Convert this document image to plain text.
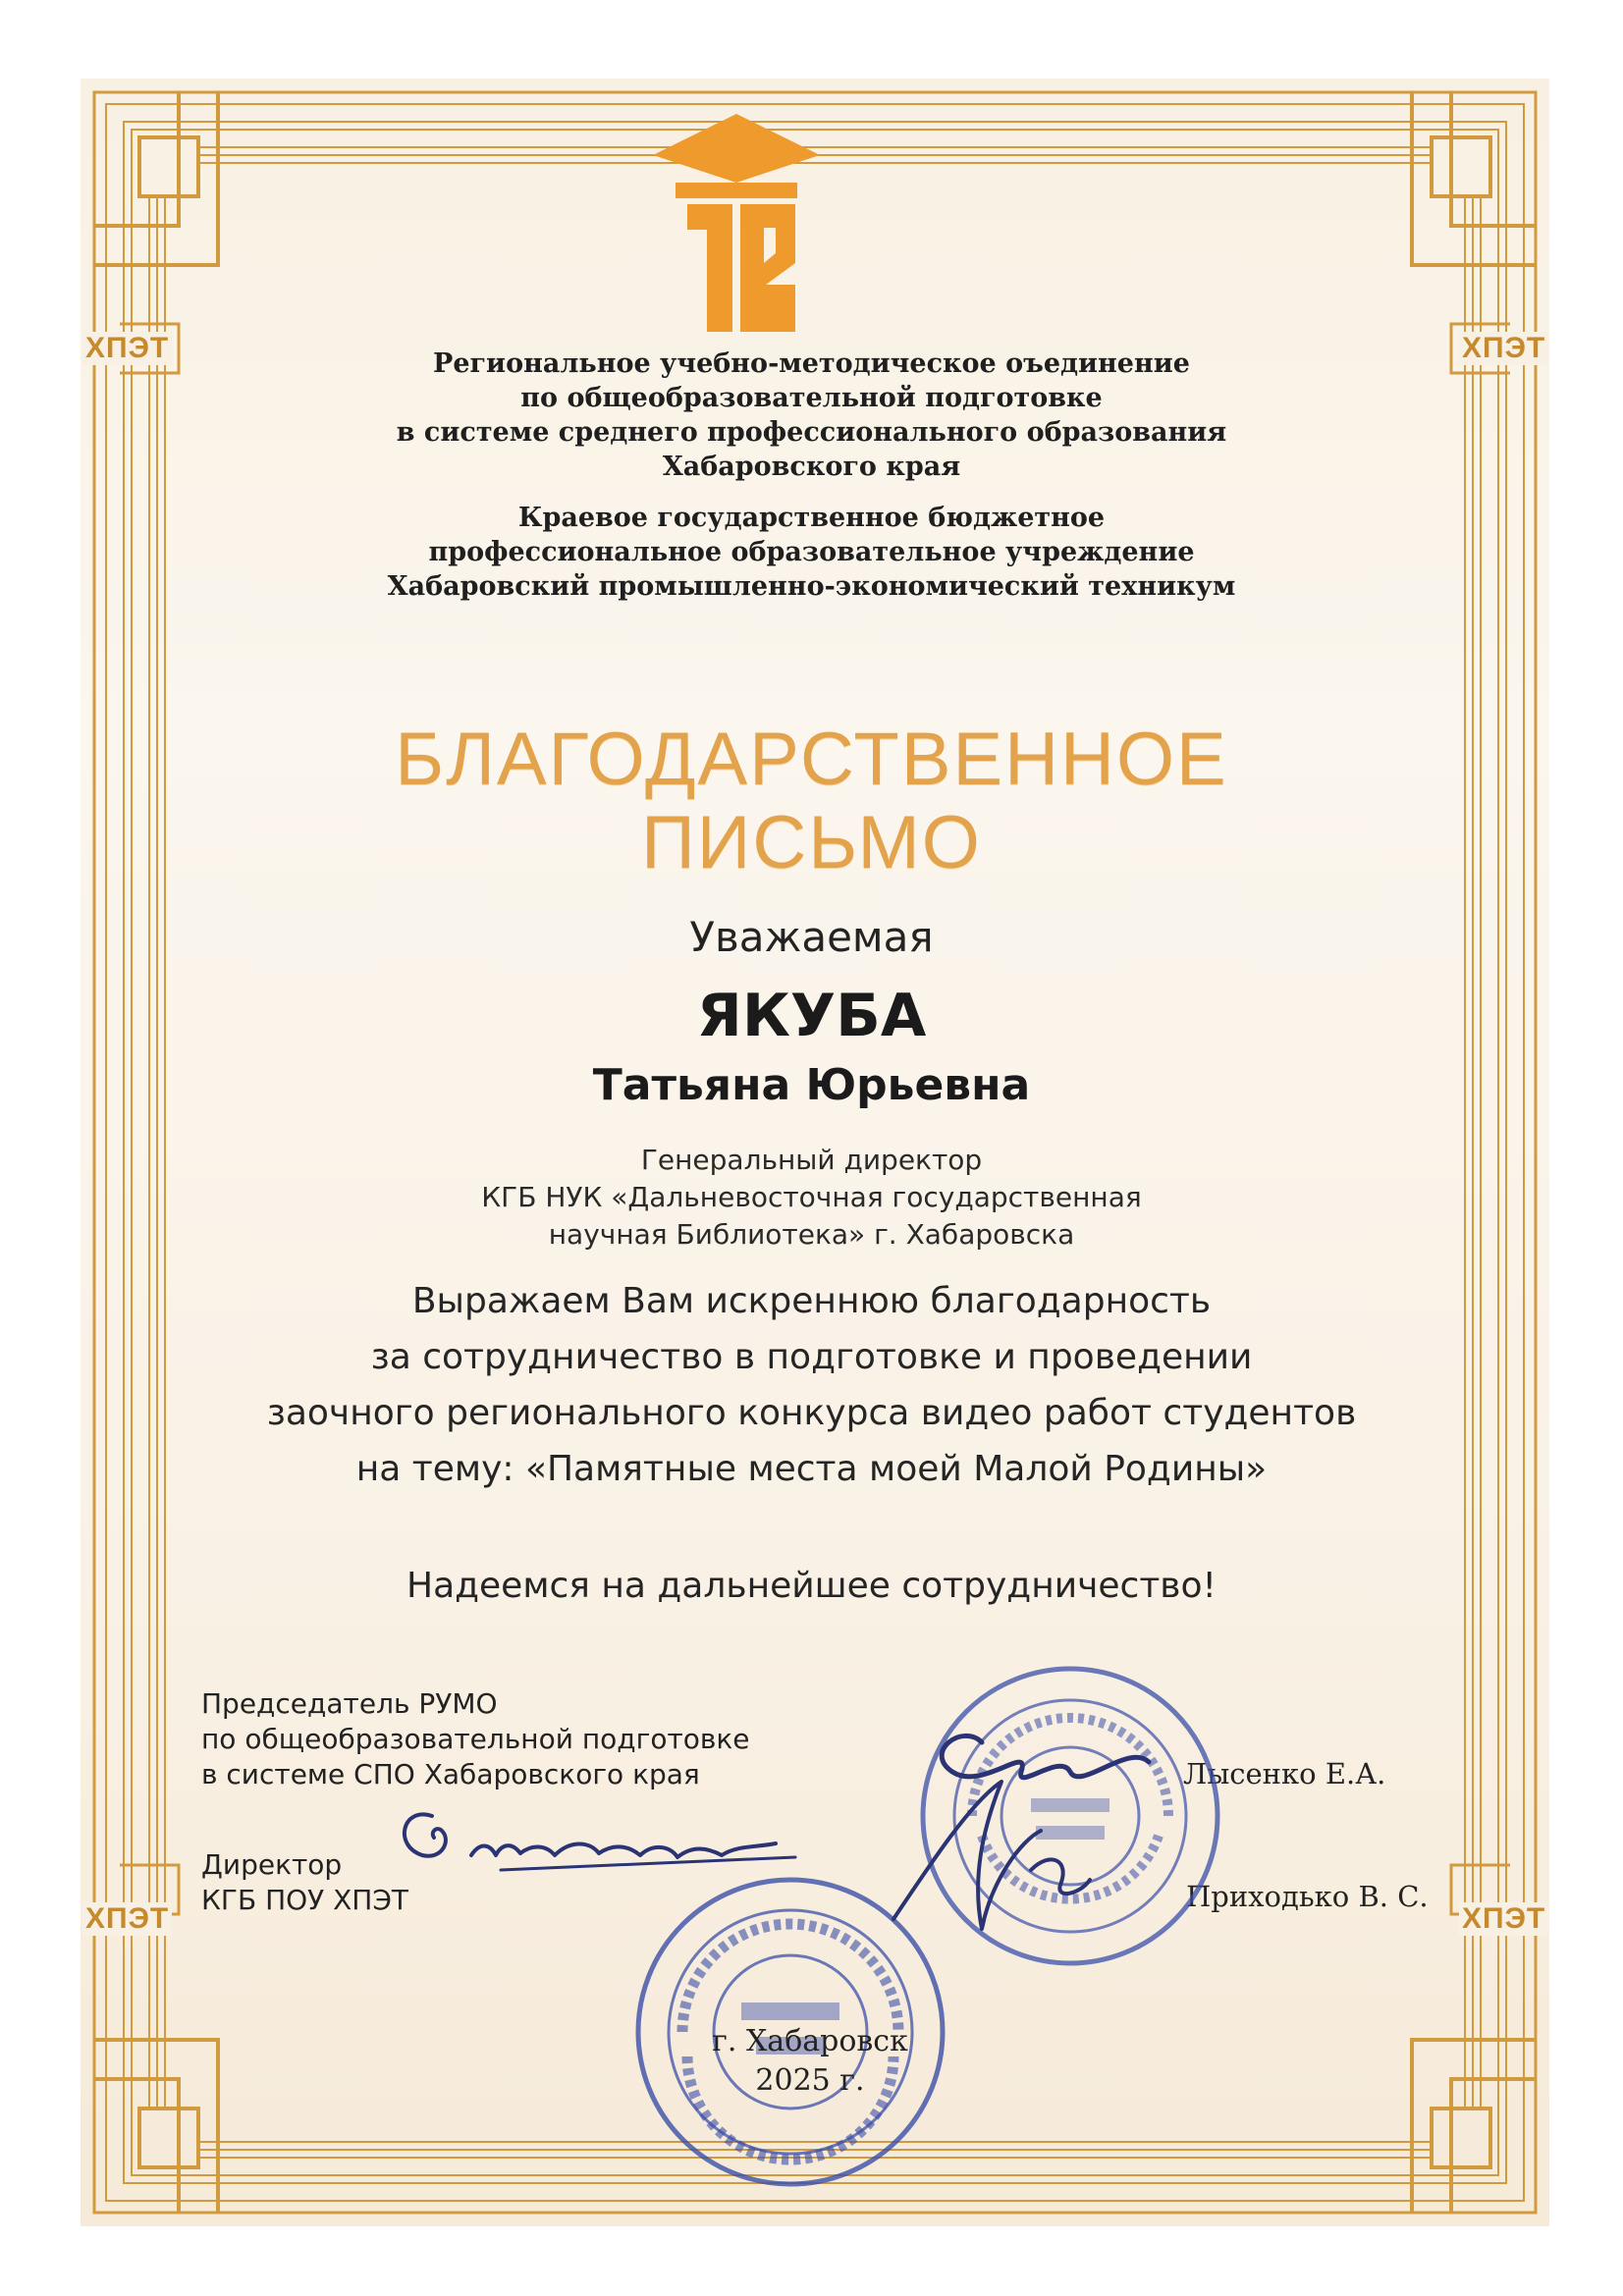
ХПЭТ	ХПЭТ
ХПЭТ	ХПЭТ

Региональное учебно-методическое оъединение

по общеобразовательной подготовке

в системе среднего профессионального образования

Хабаровского края

Краевое государственное бюджетное

профессиональное образовательное учреждение

Хабаровский промышленно-экономический техникум

БЛАГОДАРСТВЕННОЕ

ПИСЬМО

Уважаемая

ЯКУБА

Татьяна Юрьевна

Генеральный директор

КГБ НУК «Дальневосточная государственная

научная Библиотека» г. Хабаровска

Выражаем Вам искреннюю благодарность

за сотрудничество в подготовке и проведении

заочного регионального конкурса видео работ студентов

на тему: «Памятные места моей Малой Родины»

Надеемся на дальнейшее сотрудничество!

Председатель РУМО
по общеобразовательной подготовке
в системе СПО Хабаровского края	Лысенко Е.А.
Директор
КГБ ПОУ ХПЭТ	Приходько В. С.
г. Хабаровск
2025 г.
